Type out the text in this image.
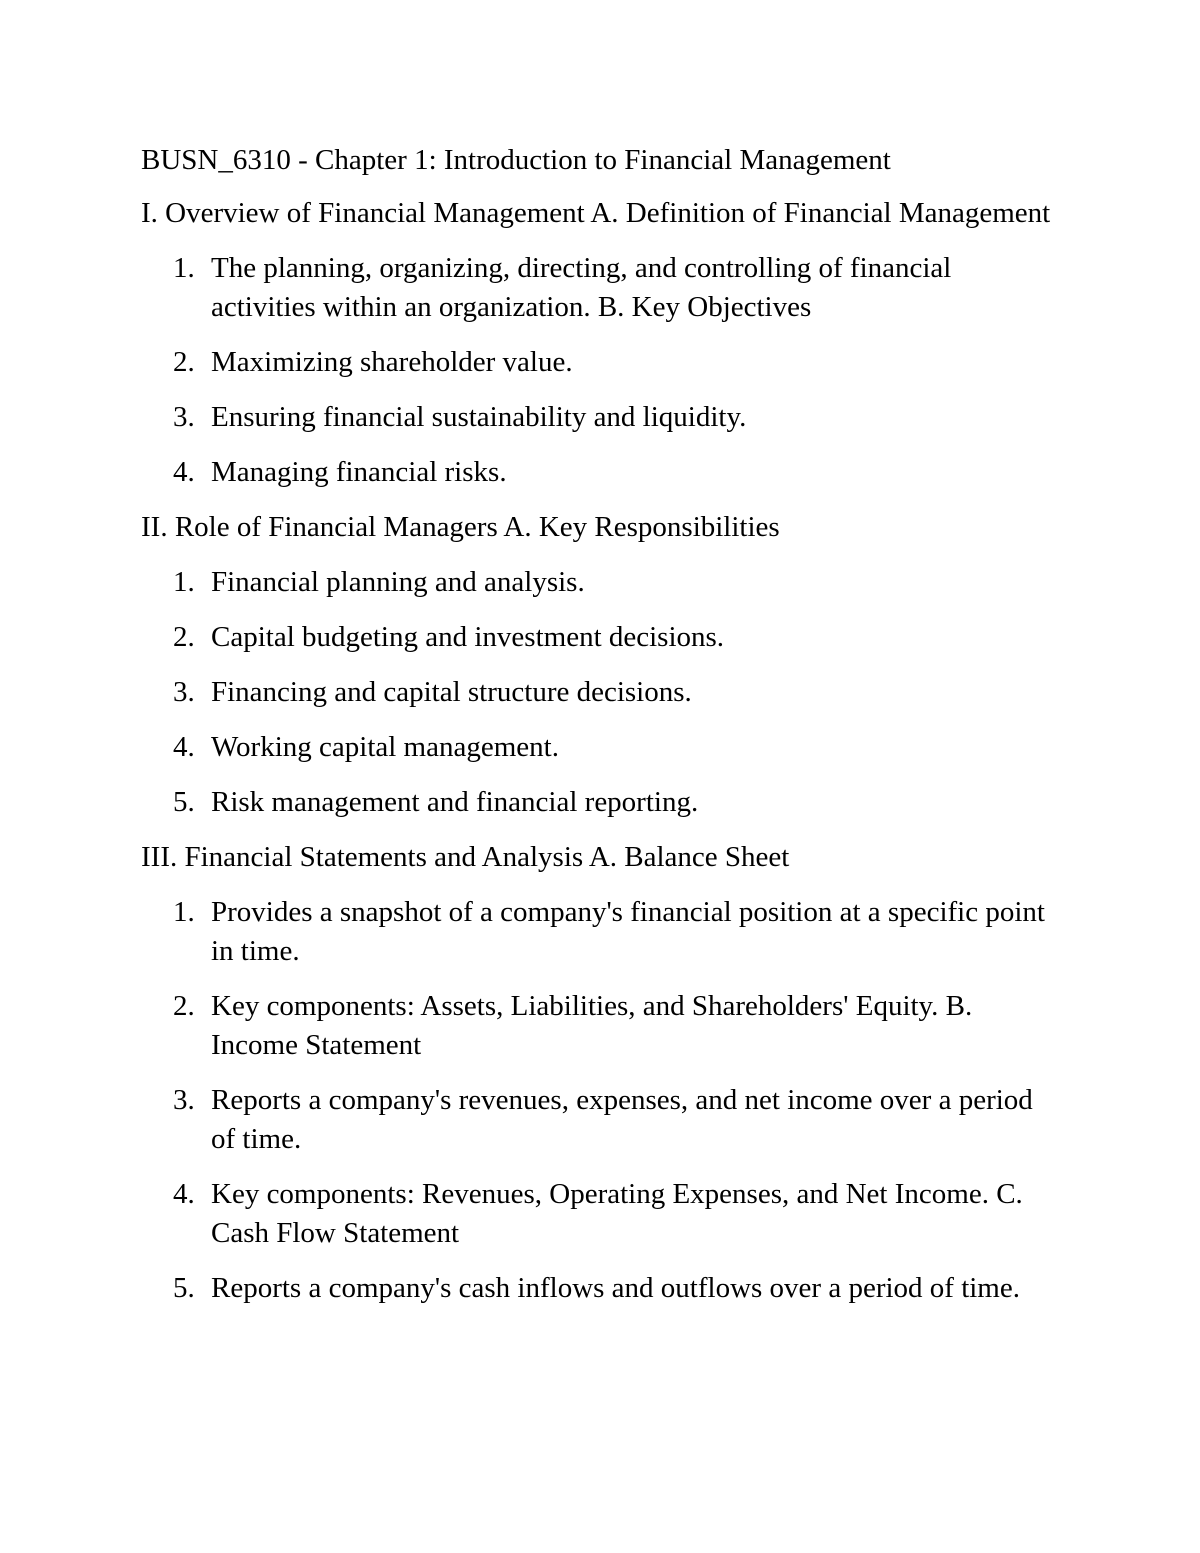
BUSN_6310 - Chapter 1: Introduction to Financial Management

I. Overview of Financial Management A. Definition of Financial Management

1. The planning, organizing, directing, and controlling of financial activities within an organization. B. Key Objectives
2. Maximizing shareholder value.
3. Ensuring financial sustainability and liquidity.
4. Managing financial risks.

II. Role of Financial Managers A. Key Responsibilities

1. Financial planning and analysis.
2. Capital budgeting and investment decisions.
3. Financing and capital structure decisions.
4. Working capital management.
5. Risk management and financial reporting.

III. Financial Statements and Analysis A. Balance Sheet

1. Provides a snapshot of a company's financial position at a specific point in time.
2. Key components: Assets, Liabilities, and Shareholders' Equity. B. Income Statement
3. Reports a company's revenues, expenses, and net income over a period of time.
4. Key components: Revenues, Operating Expenses, and Net Income. C. Cash Flow Statement
5. Reports a company's cash inflows and outflows over a period of time.
